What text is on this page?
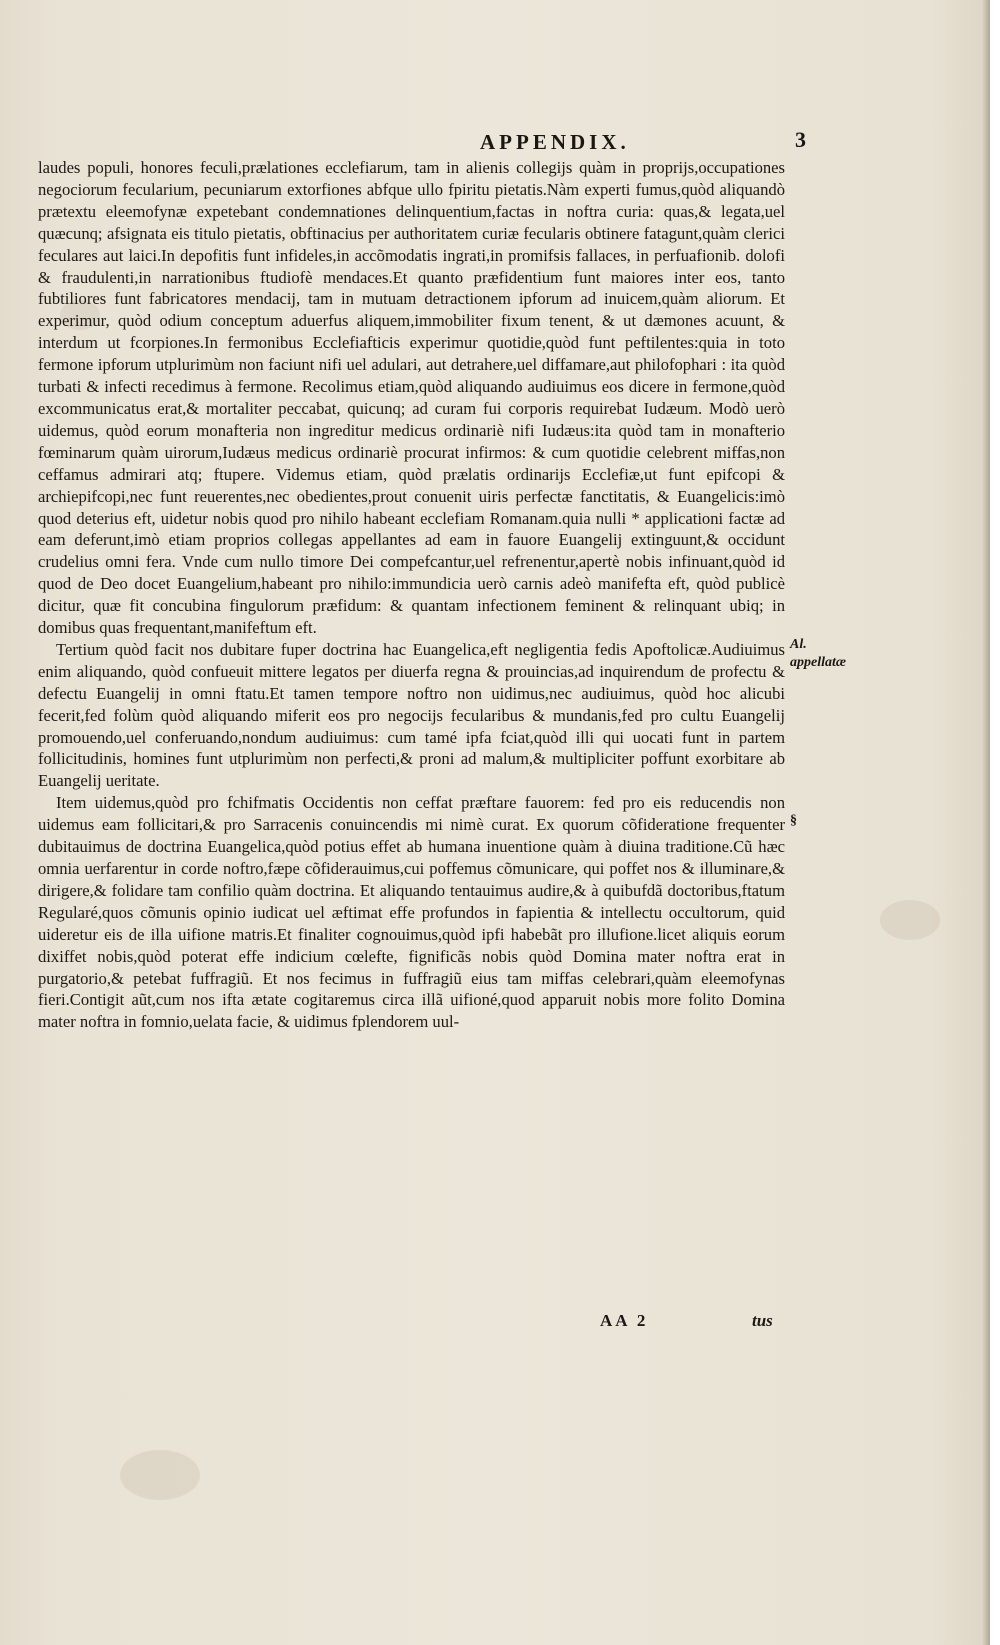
APPENDIX.	3

laudes populi, honores feculi,prælationes ecclefiarum, tam in alienis collegijs quàm in proprijs,occupationes negociorum fecularium, pecuniarum extorfiones abfque ullo fpiritu pietatis.Nàm experti fumus,quòd aliquandò prætextu eleemofynæ expetebant condemnationes delinquentium,factas in noftra curia: quas,& legata,uel quæcunq; afsignata eis titulo pietatis, obftinacius per authoritatem curiæ fecularis obtinere fatagunt,quàm clerici feculares aut laici.In depofitis funt infideles,in accõmodatis ingrati,in promifsis fallaces, in perfuafionib. dolofi & fraudulenti,in narrationibus ftudiofè mendaces.Et quanto præfidentium funt maiores inter eos, tanto fubtiliores funt fabricatores mendacij, tam in mutuam detractionem ipforum ad inuicem,quàm aliorum. Et experimur, quòd odium conceptum aduerfus aliquem,immobiliter fixum tenent, & ut dæmones acuunt, & interdum ut fcorpiones.In fermonibus Ecclefiafticis experimur quotidie,quòd funt peftilentes:quia in toto fermone ipforum utplurimùm non faciunt nifi uel adulari, aut detrahere,uel diffamare,aut philofophari : ita quòd turbati & infecti recedimus à fermone. Recolimus etiam,quòd aliquando audiuimus eos dicere in fermone,quòd excommunicatus erat,& mortaliter peccabat, quicunq; ad curam fui corporis requirebat Iudæum. Modò uerò uidemus, quòd eorum monafteria non ingreditur medicus ordinariè nifi Iudæus:ita quòd tam in monafterio fœminarum quàm uirorum,Iudæus medicus ordinariè procurat infirmos: & cum quotidie celebrent miffas,non ceffamus admirari atq; ftupere. Videmus etiam, quòd prælatis ordinarijs Ecclefiæ,ut funt epifcopi & archiepifcopi,nec funt reuerentes,nec obedientes,prout conuenit uiris perfectæ fanctitatis, & Euangelicis:imò quod deterius eft, uidetur nobis quod pro nihilo habeant ecclefiam Romanam.quia nulli * applicationi factæ ad eam deferunt,imò etiam proprios collegas appellantes ad eam in fauore Euangelij extinguunt,& occidunt crudelius omni fera. Vnde cum nullo timore Dei compefcantur,uel refrenentur,apertè nobis infinuant,quòd id quod de Deo docet Euangelium,habeant pro nihilo:immundicia uerò carnis adeò manifefta eft, quòd publicè dicitur, quæ fit concubina fingulorum præfidum: & quantam infectionem feminent & relinquant ubiq; in domibus quas frequentant,manifeftum eft.

Tertium quòd facit nos dubitare fuper doctrina hac Euangelica,eft negligentia fedis Apoftolicæ.Audiuimus enim aliquando, quòd confueuit mittere legatos per diuerfa regna & prouincias,ad inquirendum de profectu & defectu Euangelij in omni ftatu.Et tamen tempore noftro non uidimus,nec audiuimus, quòd hoc alicubi fecerit,fed folùm quòd aliquando miferit eos pro negocijs fecularibus & mundanis,fed pro cultu Euangelij promouendo,uel conferuando,nondum audiuimus: cum tamé ipfa fciat,quòd illi qui uocati funt in partem follicitudinis, homines funt utplurimùm non perfecti,& proni ad malum,& multipliciter poffunt exorbitare ab Euangelij ueritate.

Item uidemus,quòd pro fchifmatis Occidentis non ceffat præftare fauorem: fed pro eis reducendis non uidemus eam follicitari,& pro Sarracenis conuincendis mi nimè curat. Ex quorum cõfideratione frequenter dubitauimus de doctrina Euangelica,quòd potius effet ab humana inuentione quàm à diuina traditione.Cũ hæc omnia uerfarentur in corde noftro,fæpe cõfiderauimus,cui poffemus cõmunicare, qui poffet nos & illuminare,& dirigere,& folidare tam confilio quàm doctrina. Et aliquando tentauimus audire,& à quibufdã doctoribus,ftatum Regularé,quos cõmunis opinio iudicat uel æftimat effe profundos in fapientia & intellectu occultorum, quid uideretur eis de illa uifione matris.Et finaliter cognouimus,quòd ipfi habebãt pro illufione.licet aliquis eorum dixiffet nobis,quòd poterat effe indicium cœlefte, fignificãs nobis quòd Domina mater noftra erat in purgatorio,& petebat fuffragiũ. Et nos fecimus in fuffragiũ eius tam miffas celebrari,quàm eleemofynas fieri.Contigit aũt,cum nos ifta ætate cogitaremus circa illã uifioné,quod apparuit nobis more folito Domina mater noftra in fomnio,uelata facie, & uidimus fplendorem uul-

Al. appellatæ
§
AA 2	tus
